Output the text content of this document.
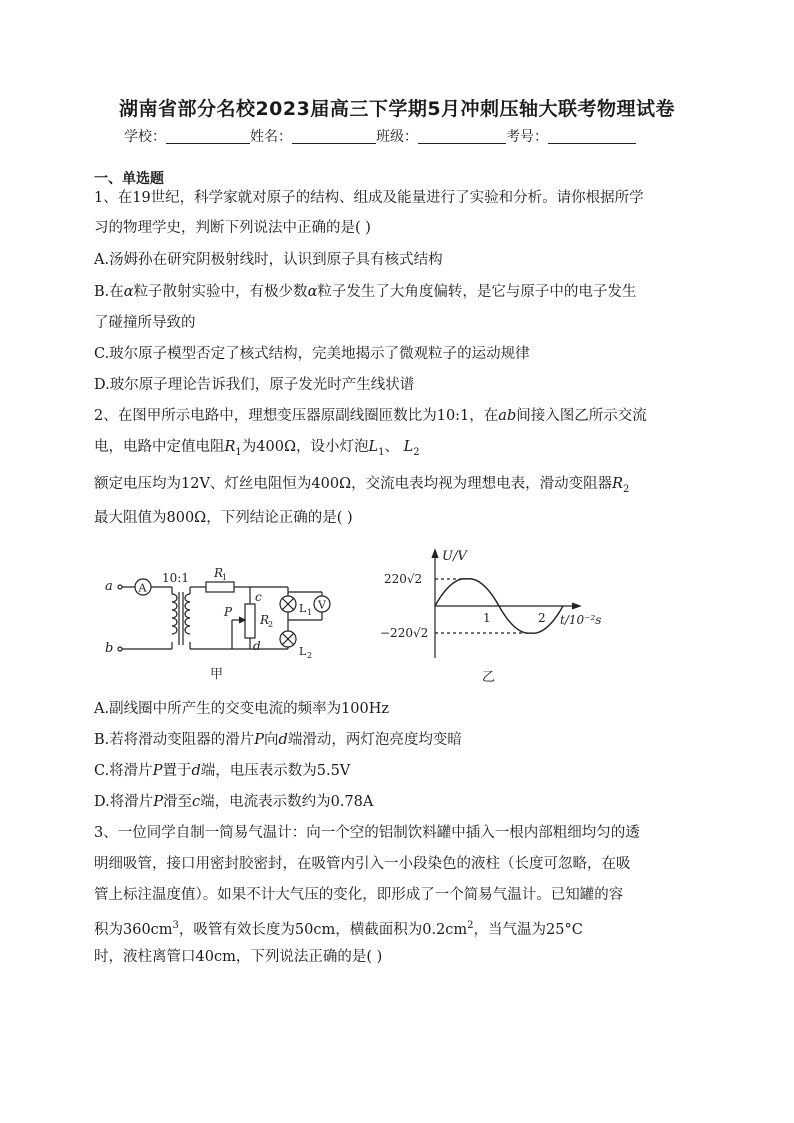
湖南省部分名校2023届高三下学期5月冲刺压轴大联考物理试卷
学校：	姓名：	班级：	考号：
一、单选题
1、在19世纪，科学家就对原子的结构、组成及能量进行了实验和分析。请你根据所学
习的物理学史，判断下列说法中正确的是( )
A.汤姆孙在研究阴极射线时，认识到原子具有核式结构
B.在α粒子散射实验中，有极少数α粒子发生了大角度偏转，是它与原子中的电子发生
了碰撞所导致的
C.玻尔原子模型否定了核式结构，完美地揭示了微观粒子的运动规律
D.玻尔原子理论告诉我们，原子发光时产生线状谱
2、在图甲所示电路中，理想变压器原副线圈匝数比为10:1，在ab间接入图乙所示交流
电，电路中定值电阻$R_1$为400Ω，设小灯泡$L_1$、 $L_2$
额定电压均为12V、灯丝电阻恒为400Ω，交流电表均视为理想电表，滑动变阻器$R_2$
最大阻值为800Ω，下列结论正确的是( )
a
b
A
10:1 R
1
c
R
2
d
P	L 1
L 2
V
甲
U/V
220√2
−220√2
1	2 t/10⁻²s
乙
A.副线圈中所产生的交变电流的频率为100Hz
B.若将滑动变阻器的滑片P向d端滑动，两灯泡亮度均变暗
C.将滑片P置于d端，电压表示数为5.5V
D.将滑片P滑至c端，电流表示数约为0.78A
3、一位同学自制一简易气温计：向一个空的铝制饮料罐中插入一根内部粗细均匀的透
明细吸管，接口用密封胶密封，在吸管内引入一小段染色的液柱（长度可忽略，在吸
管上标注温度值）。如果不计大气压的变化，即形成了一个简易气温计。已知罐的容
积为$360cm^3$，吸管有效长度为50cm，横截面积为$0.2cm^2$，当气温为25°C
时，液柱离管口40cm，下列说法正确的是( )
